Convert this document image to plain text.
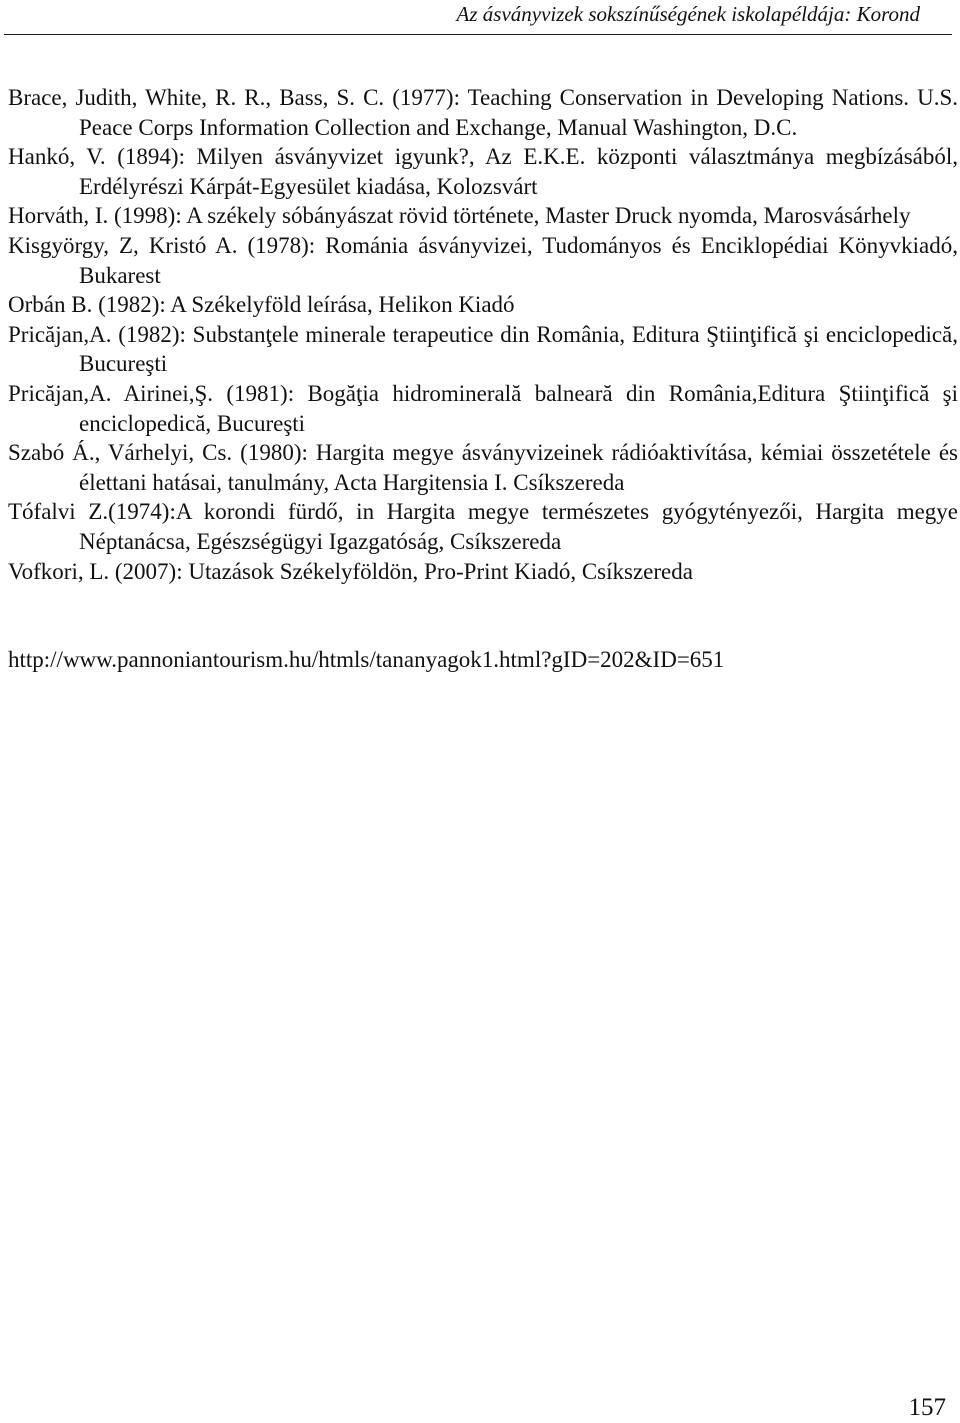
Az ásványvizek sokszínűségének iskolapéldája: Korond
Brace, Judith, White, R. R., Bass, S. C. (1977): Teaching Conservation in Developing Nations. U.S. Peace Corps Information Collection and Exchange, Manual Washington, D.C.
Hankó, V. (1894): Milyen ásványvizet igyunk?, Az E.K.E. központi választmánya megbízásából, Erdélyrészi Kárpát-Egyesület kiadása, Kolozsvárt
Horváth, I. (1998): A székely sóbányászat rövid története, Master Druck nyomda, Marosvásárhely
Kisgyörgy, Z, Kristó A. (1978): Románia ásványvizei, Tudományos és Enciklopédiai Könyvkiadó, Bukarest
Orbán B. (1982): A Székelyföld leírása, Helikon Kiadó
Pricăjan,A. (1982): Substanţele minerale terapeutice din România, Editura Ştiinţifică şi enciclopedică, Bucureşti
Pricăjan,A. Airinei,Ş. (1981): Bogăţia hidrominerală balneară din România,Editura Ştiinţifică şi enciclopedică, Bucureşti
Szabó Á., Várhelyi, Cs. (1980): Hargita megye ásványvizeinek rádióaktivítása, kémiai összetétele és élettani hatásai, tanulmány, Acta Hargitensia I. Csíkszereda
Tófalvi Z.(1974):A korondi fürdő, in Hargita megye természetes gyógytényezői, Hargita megye Néptanácsa, Egészségügyi Igazgatóság, Csíkszereda
Vofkori, L. (2007): Utazások Székelyföldön, Pro-Print Kiadó, Csíkszereda
http://www.pannoniantourism.hu/htmls/tananyagok1.html?gID=202&ID=651
157
